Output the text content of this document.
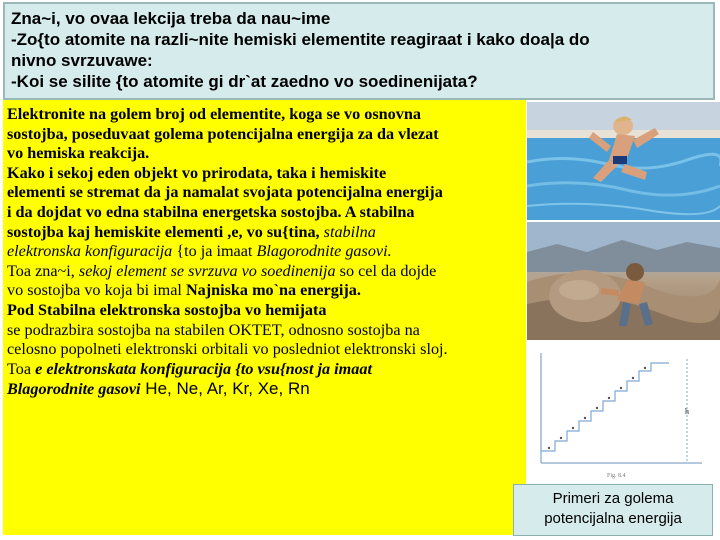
Zna~i, vo ovaa lekcija treba da nau~ime
-Zo{to atomite na razli~nite hemiski elementite reagiraat i kako doa|a do
nivno svrzuvawe:
-Koi se silite {to atomite gi dr`at zaedno vo soedinenijata?
Elektronite na golem broj od elementite, koga se vo osnovna
sostojba, poseduvaat golema potencijalna energija za da vlezat
vo hemiska reakcija.
Kako i sekoj eden objekt vo prirodata, taka i hemiskite
elementi se stremat da ja namalat svojata potencijalna energija
i da dojdat vo edna stabilna energetska sostojba. A stabilna
sostojba kaj hemiskite elementi ,e, vo su{tina, stabilna
elektronska konfiguracija {to ja imaat Blagorodnite gasovi.
Toa zna~i, sekoj element se svrzuva vo soedinenija so cel da dojde
vo sostojba vo koja bi imal Najniska mo`na energija.
Pod Stabilna elektronska sostojba vo hemijata
se podrazbira sostojba na stabilen OKTET, odnosno sostojba na
celosno popolneti elektronski orbitali vo posledniot elektronski sloj.
Toa e elektronskata konfiguracija {to vsu{nost ja imaat
Blagorodnite gasovi He, Ne, Ar, Kr, Xe, Rn
h
Fig. 8.4
Primeri za golema
potencijalna energija
